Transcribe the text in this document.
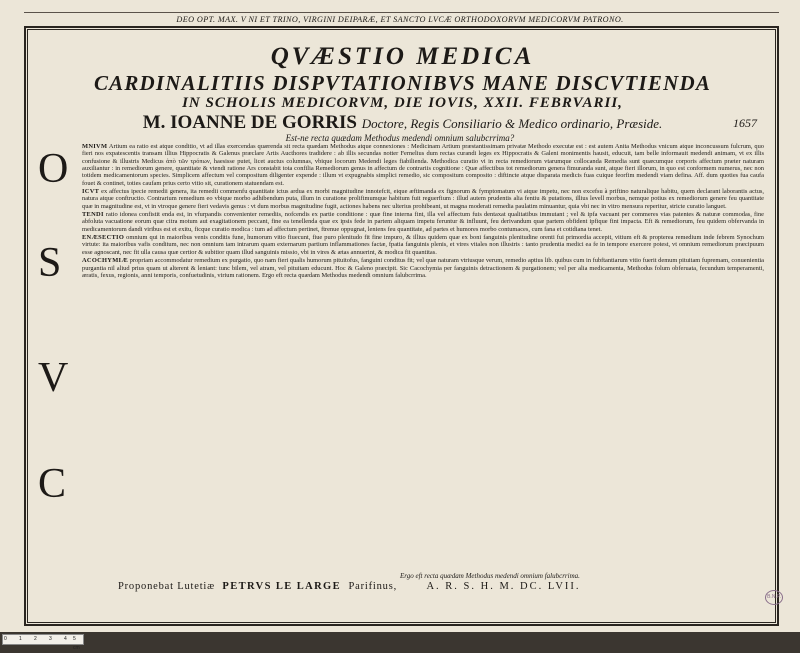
DEO OPT. MAX. V NI ET TRINO, VIRGINI DEIPARÆ, ET SANCTO LVCÆ ORTHODOXORVM MEDICORVM PATRONO.
QVÆSTIO MEDICA
CARDINALITIIS DISPVTATIONIBVS MANE DISCVTIENDA
IN SCHOLIS MEDICORVM, DIE IOVIS, XXII. FEBRVARII,
M. IOANNE DE GORRIS Doctore, Regis Consiliario & Medico ordinario, Præside.	1657
Est-ne recta quædam Methodus medendi omnium salubcrrima?
O
S
V
C

MNIVM Artium ea ratio est atque conditio, vt ad illas exercendas quærenda sit recta quædam Methodus atque connexiones : Medicinam Artium præstantissimam privatæ Methodo executæ est : est autem Anita Methodus vnicum atque inconcussum fulcrum, quo fieri nos expatescentis transam illius Hippocratis & Galenus præclare Artis Aucthores tradidere : ab illis secundas notter Fernelius dum rectas curandi leges ex Hippocratis & Galeni monimentis hausit, educuit, tam belle informauit medendi animam, vt ex illis confusione & illustris Medicus ἀπὸ τῶν τρόπων, haesisse putet, licet auctus columnas, vbique locorum Medendi leges fiabilienda. Methodica curatio vi in recta remediorum vtarumque collocanda Remedia sunt quæcumque corporis affectum præter naturam auxiliantur : in remediorum genere, quantitate & vtendi ratione Ars constabit tota confilia Remediorum genus in affectum de contrariis cognitione : Quæ affectibus tot remediorum genera fimuranda sunt, atque fieri illorum, in quo est conformem numerus, nec non totidem medicamentorum species. Simplicem affectum vel compositum diligenter expende : illum vt expugnabis simplici remedio, sic compositum composito : diftincte atque disparata medicis fuas cuique feorfim medendi viam defina. Aff. dum quoties fua caufa fouet & continet, toties caufam prius certo vitio sit, curationem statuendam est.

ICVT ex affectus ipecie remedii genera, ita remedii commenfu quantitate ictus ardua ex morbi magnitudine innotefcit, eique æftimanda ex fignorum & fymptomatum vi atque impetu, nec non excefsu à priftino naturalique habitu, quem declarant laborantis actus, natura atque conftructio. Contrarium remedium eo vbique morbo adhibendum puta, illum in curatione prolifimumque habitum fuit reguerfium : illud autem prudentis alia fentiu & putations, illius levell morbus, nemque potius ex remediorum genere feu quantitate quæ in magnitudine est, vt in vtroque genere fieri vedavis genus : vt dum morbus magnitudine fugit, actiones habens nec ulterius prohibeant, ut magna moderati remedia paulatim minuantur, quia vbi nec in vitro mensura reperitur, stricte curatio languet.

TENDI ratio idonea confistit enda est, in vfurpandis convenienter remediis, nofcendis ex partie conditione : quæ fine interna fint, illa vel affectum fuis dentaxat qualitatibus immutant ; vel & ipfa vacuant per commeres vias patentes & naturæ commodas, fine abfoluta vacuatione eorum quæ citra motum aut exagitationem peccant, fine ea tenellenda quæ ex ipsis fede in partem aliquam impetu feruntur & influunt, feu derivandum quæ partem obfident ipfique fint impacta. Eft & remediorum, feu quidem obfervanda in medicamentorum dandi viribus est et exitu, ficque curatio modica : tum ad affectum pertinet, ftrenue oppugnat, leniens feu quantitate, ad partes et humores morbo contumaces, cum fana et cotidiana tenet.

ENÆSECTIO omnium qui in maioribus venis conditis fune, humorum vitio fiuecunt, fiue puro plenitudo fit fine impuro, & illius quidem quæ ex boni fanguinis plenitudine orenti fui primordia accepit, vitium eft & propterea remedium inde febrem Synochum virtute: ita maioribus vafis conditum, nec non omnium tam intrarum quam externarum partium inflammationes factæ, fpatia fanguinis plenis, et vires vitales non illustris : tanto prudentia medici ea fe in tempore exercere potest, vt omnium remediorum præcipuum esse agnoscant, nec fit ulla causa quæ certior & subitior quam illud sanguinis missio, vbi in vires & ætas annuerint, & modica fit quantitas.

ACOCHYMIÆ propriam accommodatur remedium ex purgatio, quo nam fieri qualis humorum pituitofus, fanguini conditus fit; vel quæ naturam vtriusque verum, remedio aptius lib. quibus cum in fubftantiarum vitio fuerit demum pituitam fupremam, conuenientia purgantia nil aliud prius quam ut alterent & leniant: tunc bilem, vel atram, vel pituitam educunt. Hoc & Galeno præcipit. Sic Cacochymia per fanguinis detractionem & purgationem; vel per alia medicamenta, Methodus folum obferuata, fecundum temperamenti, æratis, fexus, regionis, anni temporis, confuetudinis, virium rationem. Ergo eft recta quædam Methodus medendi omnium falubcrrima.

Ergo eft recta quædam Methodus medendi omnium falubcrrima.
Proponebat Lutetiæ PETRVS LE LARGE Parifinus,	A. R. S. H. M. DC. LVII.
B.N.P.
0 1 2 3 4 5 cm
